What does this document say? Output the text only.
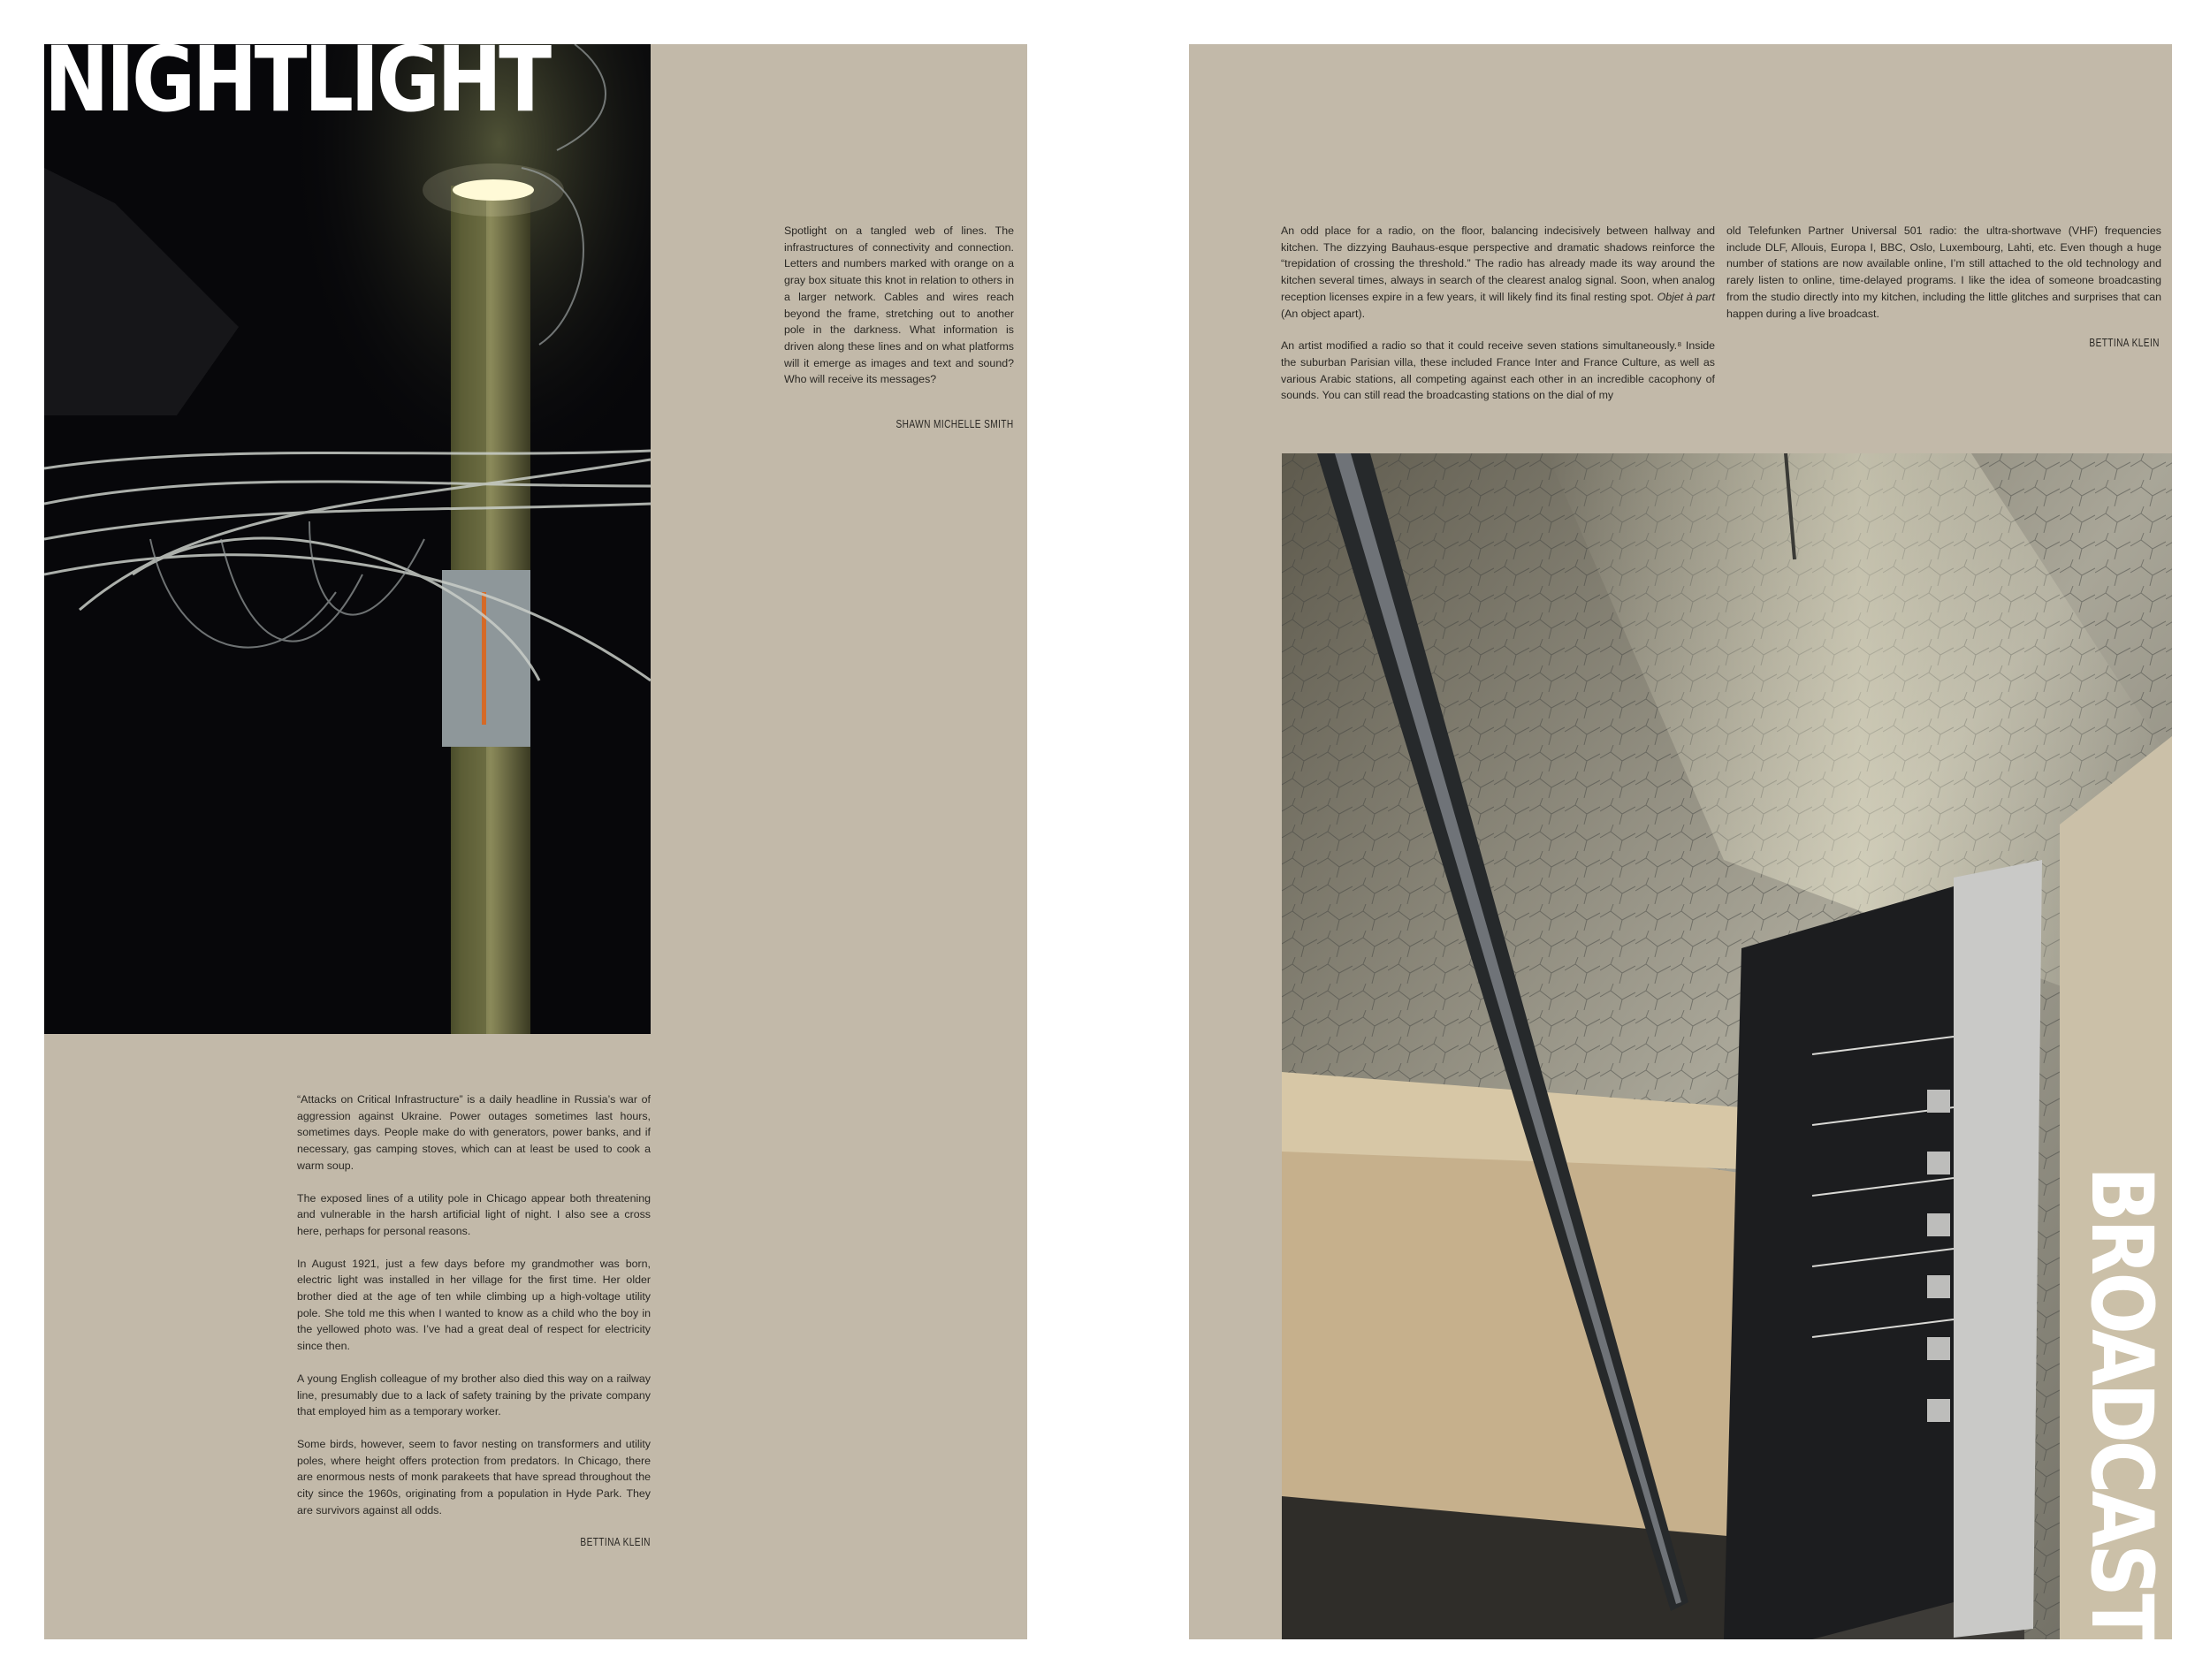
NIGHTLIGHT

Spotlight on a tangled web of lines. The infrastructures of connectivity and connection. Letters and numbers marked with orange on a gray box situate this knot in relation to others in a larger network. Cables and wires reach beyond the frame, stretching out to another pole in the darkness. What information is driven along these lines and on what platforms will it emerge as images and text and sound? Who will receive its messages?

SHAWN MICHELLE SMITH

“Attacks on Critical Infrastructure” is a daily headline in Russia’s war of aggression against Ukraine. Power outages sometimes last hours, sometimes days. People make do with generators, power banks, and if necessary, gas camping stoves, which can at least be used to cook a warm soup.

The exposed lines of a utility pole in Chicago appear both threatening and vulnerable in the harsh artificial light of night. I also see a cross here, perhaps for personal reasons.

In August 1921, just a few days before my grandmother was born, electric light was installed in her village for the first time. Her older brother died at the age of ten while climbing up a high-voltage utility pole. She told me this when I wanted to know as a child who the boy in the yellowed photo was. I’ve had a great deal of respect for electricity since then.

A young English colleague of my brother also died this way on a railway line, presumably due to a lack of safety training by the private company that employed him as a temporary worker.

Some birds, however, seem to favor nesting on transformers and utility poles, where height offers protection from predators. In Chicago, there are enormous nests of monk parakeets that have spread throughout the city since the 1960s, originating from a population in Hyde Park. They are survivors against all odds.

BETTINA KLEIN

An odd place for a radio, on the floor, balancing indecisively between hallway and kitchen. The dizzying Bauhaus-esque perspective and dramatic shadows reinforce the “trepidation of crossing the threshold.” The radio has already made its way around the kitchen several times, always in search of the clearest analog signal. Soon, when analog reception licenses expire in a few years, it will likely find its final resting spot. Objet à part (An object apart).

An artist modified a radio so that it could receive seven stations simultaneously.⁸ Inside the suburban Parisian villa, these included France Inter and France Culture, as well as various Arabic stations, all competing against each other in an incredible cacophony of sounds. You can still read the broadcasting stations on the dial of my

old Telefunken Partner Universal 501 radio: the ultra-shortwave (VHF) frequencies include DLF, Allouis, Europa I, BBC, Oslo, Luxembourg, Lahti, etc. Even though a huge number of stations are now available online, I’m still attached to the old technology and rarely listen to online, time-delayed programs. I like the idea of someone broadcasting from the studio directly into my kitchen, including the little glitches and surprises that can happen during a live broadcast.

BETTINA KLEIN
BROADCAST
